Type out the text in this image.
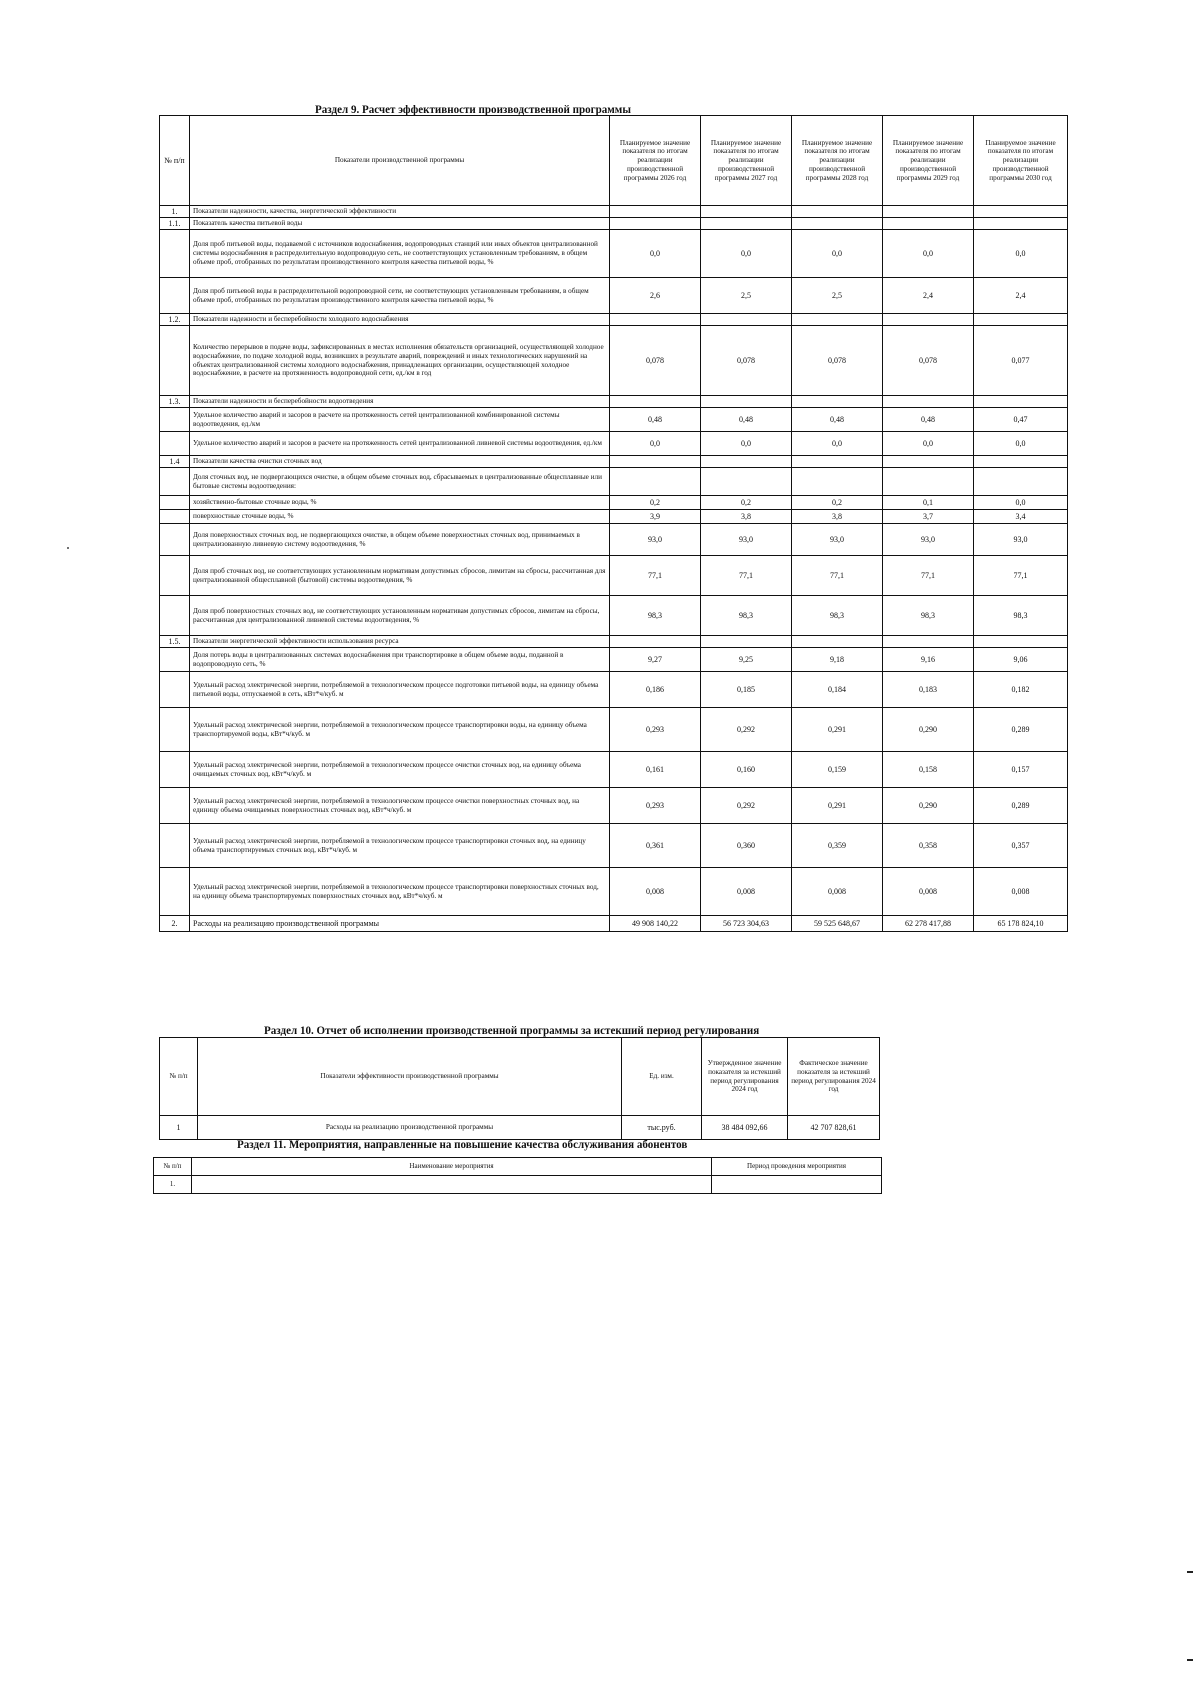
Раздел 9. Расчет эффективности производственной программы
№ п/п	Показатели производственной программы	Планируемое значение показателя по итогам реализации производственной программы 2026 год	Планируемое значение показателя по итогам реализации производственной программы 2027 год	Планируемое значение показателя по итогам реализации производственной программы 2028 год	Планируемое значение показателя по итогам реализации производственной программы 2029 год	Планируемое значение показателя по итогам реализации производственной программы 2030 год
1.	Показатели надежности, качества, энергетической эффективности					
1.1.	Показатель качества питьевой воды					
	Доля проб питьевой воды, подаваемой с источников водоснабжения, водопроводных станций или иных объектов централизованной системы водоснабжения в распределительную водопроводную сеть, не соответствующих установленным требованиям, в общем объеме проб, отобранных по результатам производственного контроля качества питьевой воды, %	0,0	0,0	0,0	0,0	0,0
	Доля проб питьевой воды в распределительной водопроводной сети, не соответствующих установленным требованиям, в общем объеме проб, отобранных по результатам производственного контроля качества питьевой воды, %	2,6	2,5	2,5	2,4	2,4
1.2.	Показатели надежности и бесперебойности холодного водоснабжения					
	Количество перерывов в подаче воды, зафиксированных в местах исполнения обязательств организацией, осуществляющей холодное водоснабжение, по подаче холодной воды, возникших в результате аварий, повреждений и иных технологических нарушений на объектах централизованной системы холодного водоснабжения, принадлежащих организации, осуществляющей холодное водоснабжение, в расчете на протяженность водопроводной сети, ед./км в год	0,078	0,078	0,078	0,078	0,077
1.3.	Показатели надежности и бесперебойности водоотведения					
	Удельное количество аварий и засоров в расчете на протяженность сетей централизованной комбинированной системы водоотведения, ед./км	0,48	0,48	0,48	0,48	0,47
	Удельное количество аварий и засоров в расчете на протяженность сетей централизованной ливневой системы водоотведения, ед./км	0,0	0,0	0,0	0,0	0,0
1.4	Показатели качества очистки сточных вод					
	Доля сточных вод, не подвергающихся очистке, в общем объеме сточных вод, сбрасываемых в централизованные общесплавные или бытовые системы водоотведения:					
	хозяйственно-бытовые сточные воды, %	0,2	0,2	0,2	0,1	0,0
	поверхностные сточные воды, %	3,9	3,8	3,8	3,7	3,4
	Доля поверхностных сточных вод, не подвергающихся очистке, в общем объеме поверхностных сточных вод, принимаемых в централизованную ливневую систему водоотведения, %	93,0	93,0	93,0	93,0	93,0
	Доля проб сточных вод, не соответствующих установленным нормативам допустимых сбросов, лимитам на сбросы, рассчитанная для централизованной общесплавной (бытовой) системы водоотведения, %	77,1	77,1	77,1	77,1	77,1
	Доля проб поверхностных сточных вод, не соответствующих установленным нормативам допустимых сбросов, лимитам на сбросы, рассчитанная для централизованной ливневой системы водоотведения, %	98,3	98,3	98,3	98,3	98,3
1.5.	Показатели энергетической эффективности использования ресурса					
	Доля потерь воды в централизованных системах водоснабжения при транспортировке в общем объеме воды, поданной в водопроводную сеть, %	9,27	9,25	9,18	9,16	9,06
	Удельный расход электрической энергии, потребляемой в технологическом процессе подготовки питьевой воды, на единицу объема питьевой воды, отпускаемой в сеть, кВт*ч/куб. м	0,186	0,185	0,184	0,183	0,182
	Удельный расход электрической энергии, потребляемой в технологическом процессе транспортировки воды, на единицу объема транспортируемой воды, кВт*ч/куб. м	0,293	0,292	0,291	0,290	0,289
	Удельный расход электрической энергии, потребляемой в технологическом процессе очистки сточных вод, на единицу объема очищаемых сточных вод, кВт*ч/куб. м	0,161	0,160	0,159	0,158	0,157
	Удельный расход электрической энергии, потребляемой в технологическом процессе очистки поверхностных сточных вод, на единицу объема очищаемых поверхностных сточных вод, кВт*ч/куб. м	0,293	0,292	0,291	0,290	0,289
	Удельный расход электрической энергии, потребляемой в технологическом процессе транспортировки сточных вод, на единицу объема транспортируемых сточных вод, кВт*ч/куб. м	0,361	0,360	0,359	0,358	0,357
	Удельный расход электрической энергии, потребляемой в технологическом процессе транспортировки поверхностных сточных вод, на единицу объема транспортируемых поверхностных сточных вод, кВт*ч/куб. м	0,008	0,008	0,008	0,008	0,008
2.	Расходы на реализацию производственной программы	49 908 140,22	56 723 304,63	59 525 648,67	62 278 417,88	65 178 824,10
Раздел 10. Отчет об исполнении производственной программы за истекший период регулирования
№ п/п	Показатели эффективности производственной программы	Ед. изм.	Утвержденное значение показателя за истекший период регулирования 2024 год	Фактическое значение показателя за истекший период регулирования 2024 год
1	Расходы на реализацию производственной программы	тыс.руб.	38 484 092,66	42 707 828,61
Раздел 11. Мероприятия, направленные на повышение качества обслуживания абонентов
№ п/п	Наименование мероприятия	Период проведения мероприятия
1.		
